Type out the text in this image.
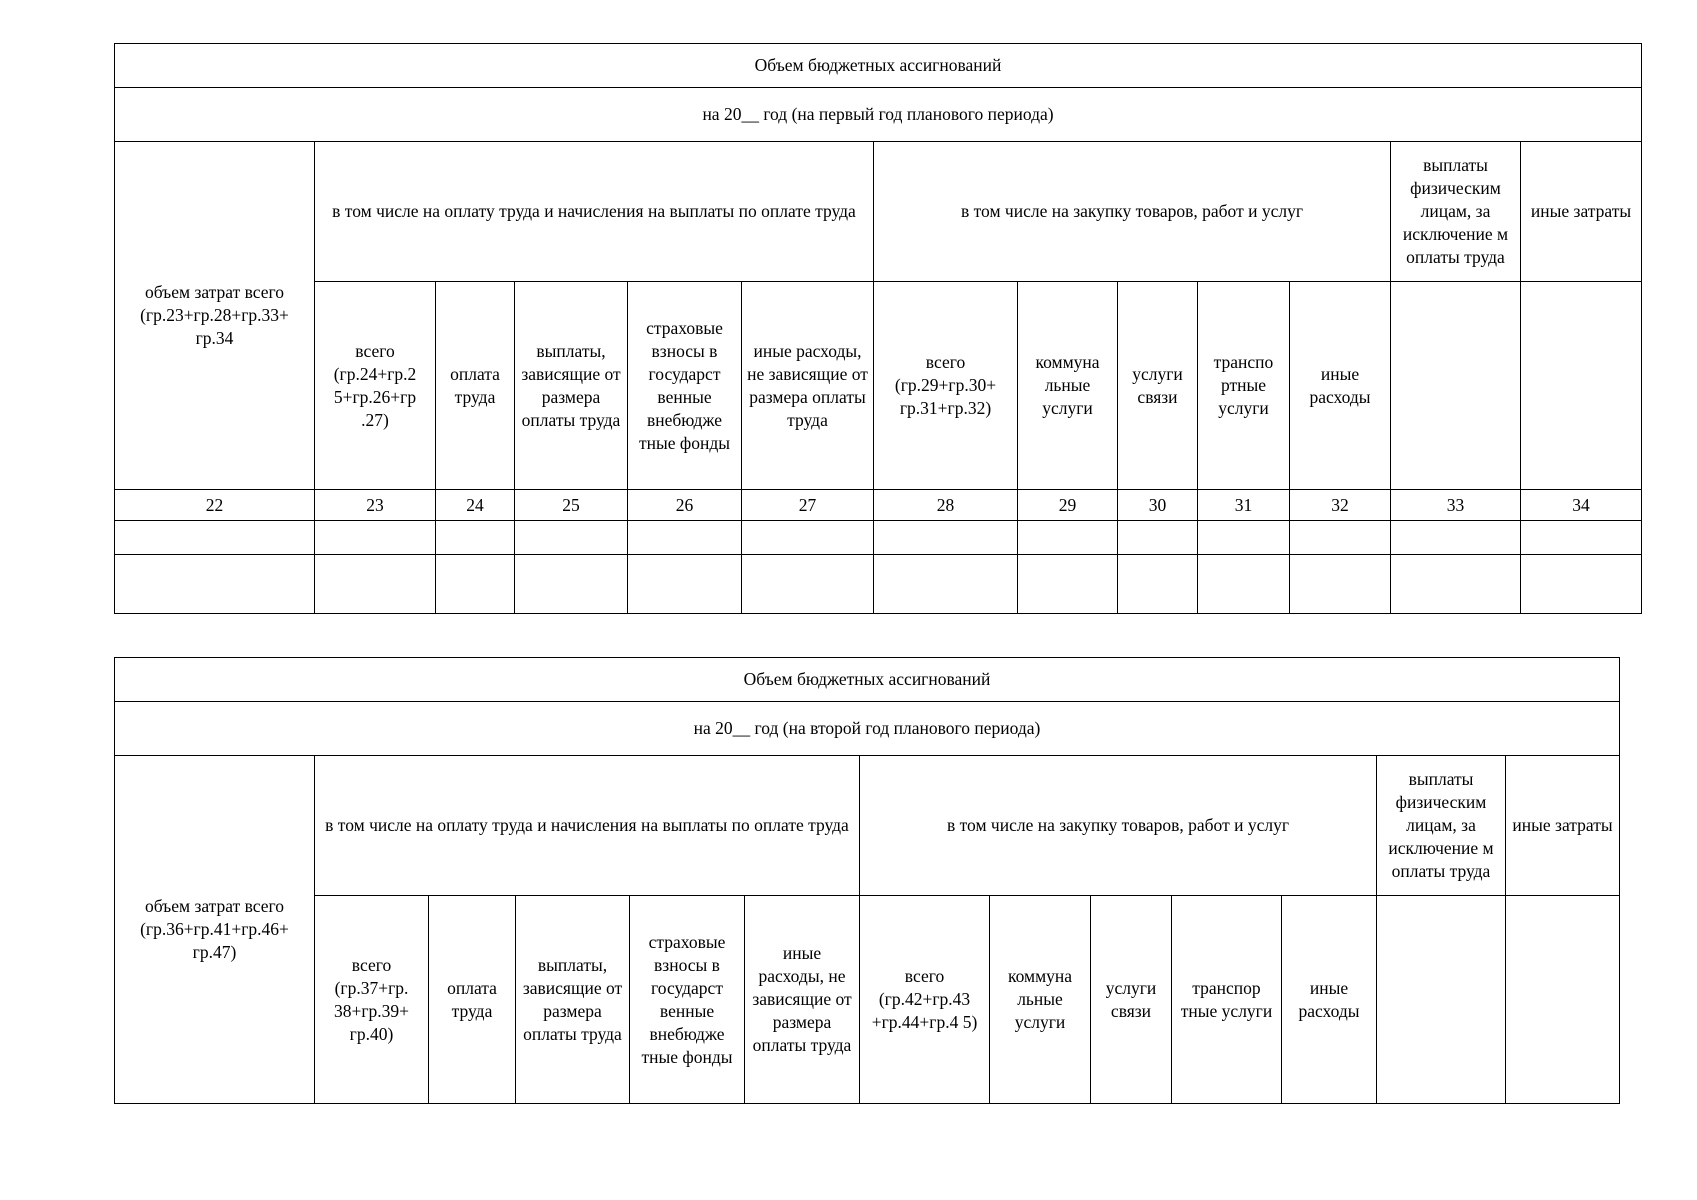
Объем бюджетных ассигнований												
на 20__ год (на первый год планового периода)												
объем затрат всего (гр.23+гр.28+гр.33+ гр.34	в том числе на оплату труда и начисления на выплаты по оплате труда					в том числе на закупку товаров, работ и услуг					выплаты физическим лицам, за исключение м оплаты труда	иные затраты
	всего (гр.24+гр.2 5+гр.26+гр .27)	оплата труда	выплаты, зависящие от размера оплаты труда	страховые взносы в государст венные внебюдже тные фонды	иные расходы, не зависящие от размера оплаты труда	всего (гр.29+гр.30+ гр.31+гр.32)	коммуна льные услуги	услуги связи	транспо ртные услуги	иные расходы		
22	23	24	25	26	27	28	29	30	31	32	33	34

Объем бюджетных ассигнований												
на 20__ год (на второй год планового периода)												
объем затрат всего (гр.36+гр.41+гр.46+ гр.47)	в том числе на оплату труда и начисления на выплаты по оплате труда					в том числе на закупку товаров, работ и услуг					выплаты физическим лицам, за исключение м оплаты труда	иные затраты
	всего (гр.37+гр. 38+гр.39+ гр.40)	оплата труда	выплаты, зависящие от размера оплаты труда	страховые взносы в государст венные внебюдже тные фонды	иные расходы, не зависящие от размера оплаты труда	всего (гр.42+гр.43 +гр.44+гр.4 5)	коммуна льные услуги	услуги связи	транспор тные услуги	иные расходы		
